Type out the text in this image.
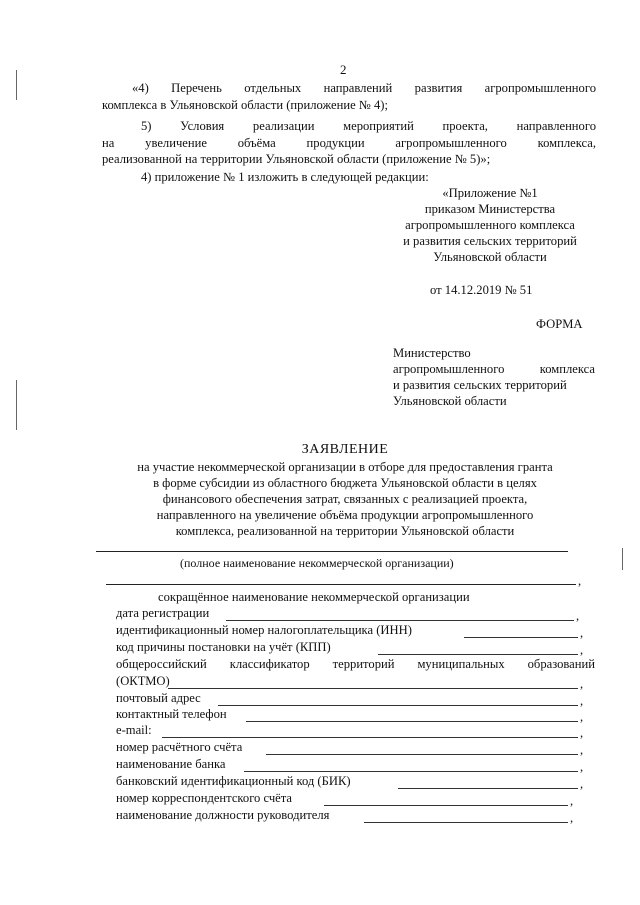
2
«4) Перечень отдельных направлений развития агропромышленного
комплекса в Ульяновской области (приложение № 4);
5) Условия реализации мероприятий проекта, направленного
на увеличение объёма продукции агропромышленного комплекса,
реализованной на территории Ульяновской области (приложение № 5)»;
4) приложение № 1 изложить в следующей редакции:
«Приложение №1
приказом Министерства
агропромышленного комплекса
и развития сельских территорий
Ульяновской области
от 14.12.2019 № 51
ФОРМА
Министерство
агропромышленного комплекса
и развития сельских территорий
Ульяновской области
ЗАЯВЛЕНИЕ
на участие некоммерческой организации в отборе для предоставления гранта
в форме субсидии из областного бюджета Ульяновской области в целях
финансового обеспечения затрат, связанных с реализацией проекта,
направленного на увеличение объёма продукции агропромышленного
комплекса, реализованной на территории Ульяновской области
(полное наименование некоммерческой организации)
,
сокращённое наименование некоммерческой организации
дата регистрации	,
идентификационный номер налогоплательщика (ИНН)	,
код причины постановки на учёт (КПП)	,
общероссийский классификатор территорий муниципальных образований
(ОКТМО)	,
почтовый адрес	,
контактный телефон	,
e-mail:	,
номер расчётного счёта	,
наименование банка	,
банковский идентификационный код (БИК)	,
номер корреспондентского счёта	,
наименование должности руководителя	,
